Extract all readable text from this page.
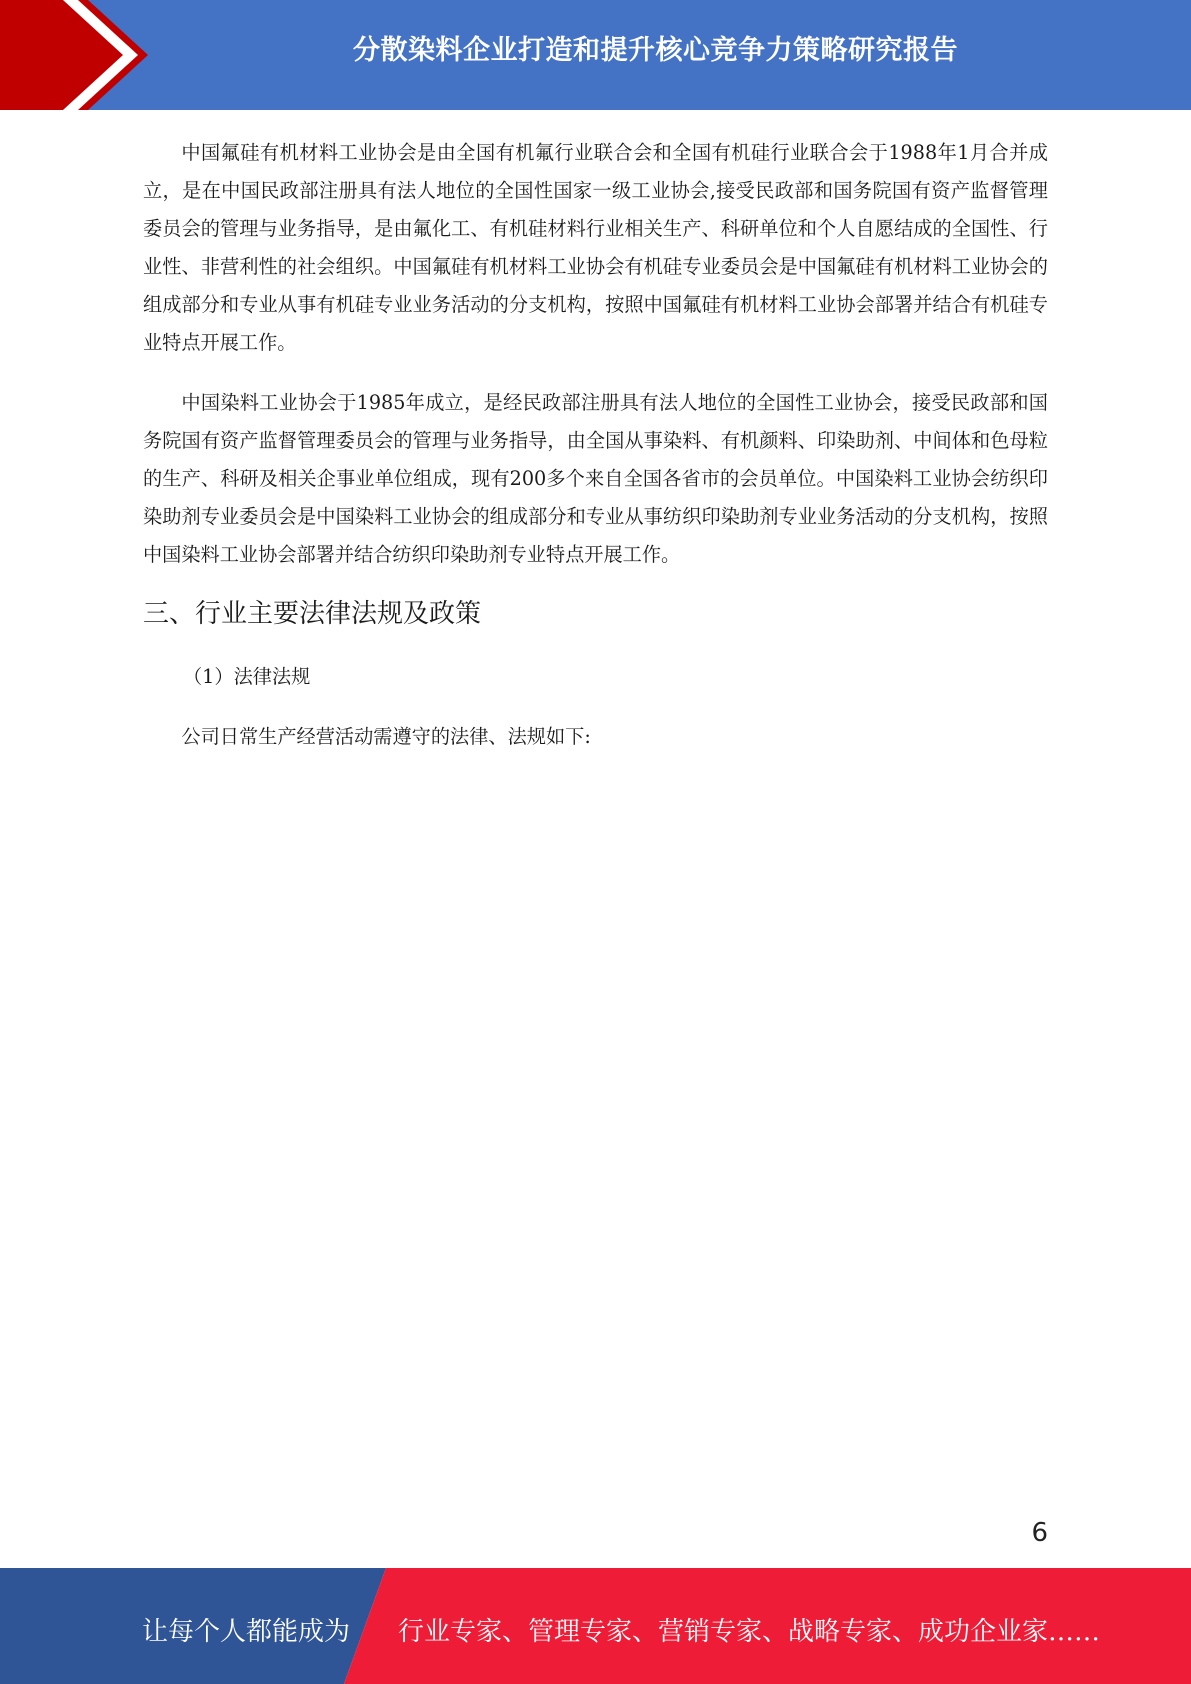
分散染料企业打造和提升核心竞争力策略研究报告

中国氟硅有机材料工业协会是由全国有机氟行业联合会和全国有机硅行业联合会于1988年1月合并成立，是在中国民政部注册具有法人地位的全国性国家一级工业协会,接受民政部和国务院国有资产监督管理委员会的管理与业务指导，是由氟化工、有机硅材料行业相关生产、科研单位和个人自愿结成的全国性、行业性、非营利性的社会组织。中国氟硅有机材料工业协会有机硅专业委员会是中国氟硅有机材料工业协会的组成部分和专业从事有机硅专业业务活动的分支机构，按照中国氟硅有机材料工业协会部署并结合有机硅专业特点开展工作。

中国染料工业协会于1985年成立，是经民政部注册具有法人地位的全国性工业协会，接受民政部和国务院国有资产监督管理委员会的管理与业务指导，由全国从事染料、有机颜料、印染助剂、中间体和色母粒的生产、科研及相关企事业单位组成，现有200多个来自全国各省市的会员单位。中国染料工业协会纺织印染助剂专业委员会是中国染料工业协会的组成部分和专业从事纺织印染助剂专业业务活动的分支机构，按照中国染料工业协会部署并结合纺织印染助剂专业特点开展工作。

三、行业主要法律法规及政策

（1）法律法规

公司日常生产经营活动需遵守的法律、法规如下:

6
让每个人都能成为 行业专家、管理专家、营销专家、战略专家、成功企业家……
